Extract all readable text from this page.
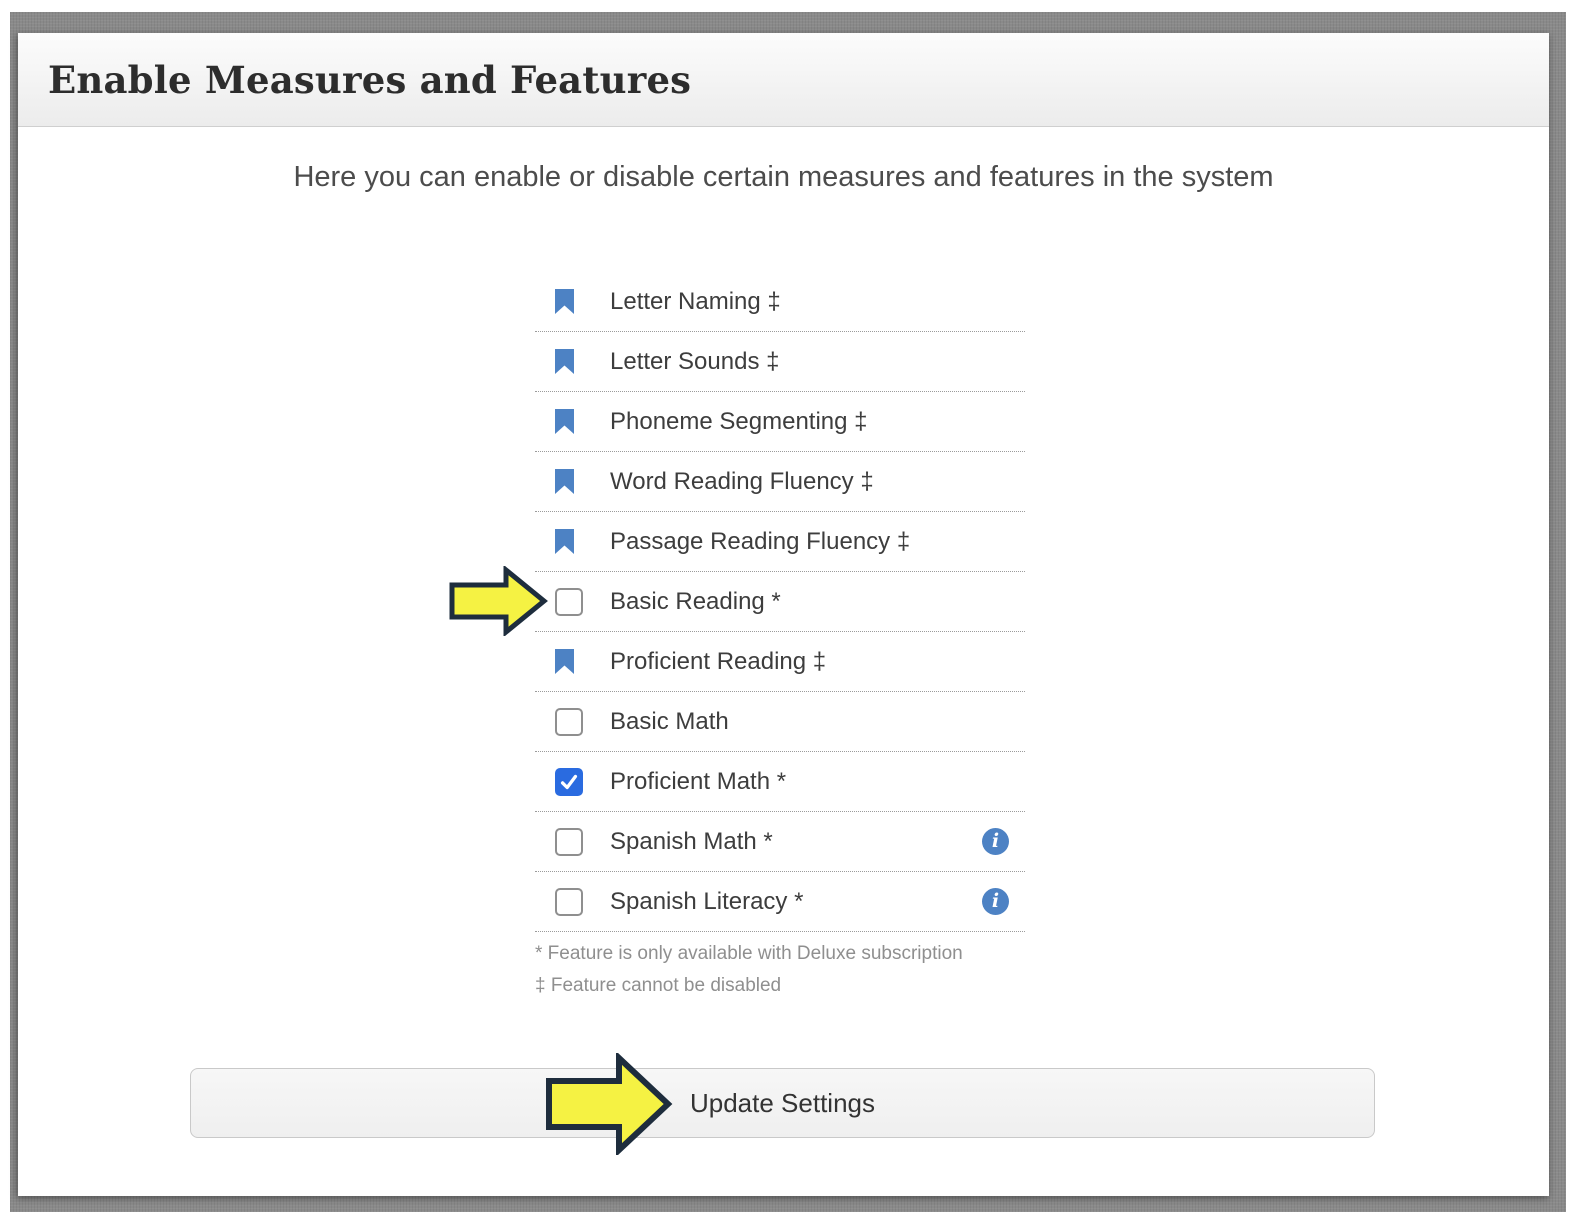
Enable Measures and Features
Here you can enable or disable certain measures and features in the system
Letter Naming ‡
Letter Sounds ‡
Phoneme Segmenting ‡
Word Reading Fluency ‡
Passage Reading Fluency ‡
Basic Reading *
Proficient Reading ‡
Basic Math
Proficient Math *
Spanish Math *	i
Spanish Literacy *	i
* Feature is only available with Deluxe subscription
‡ Feature cannot be disabled
Update Settings
